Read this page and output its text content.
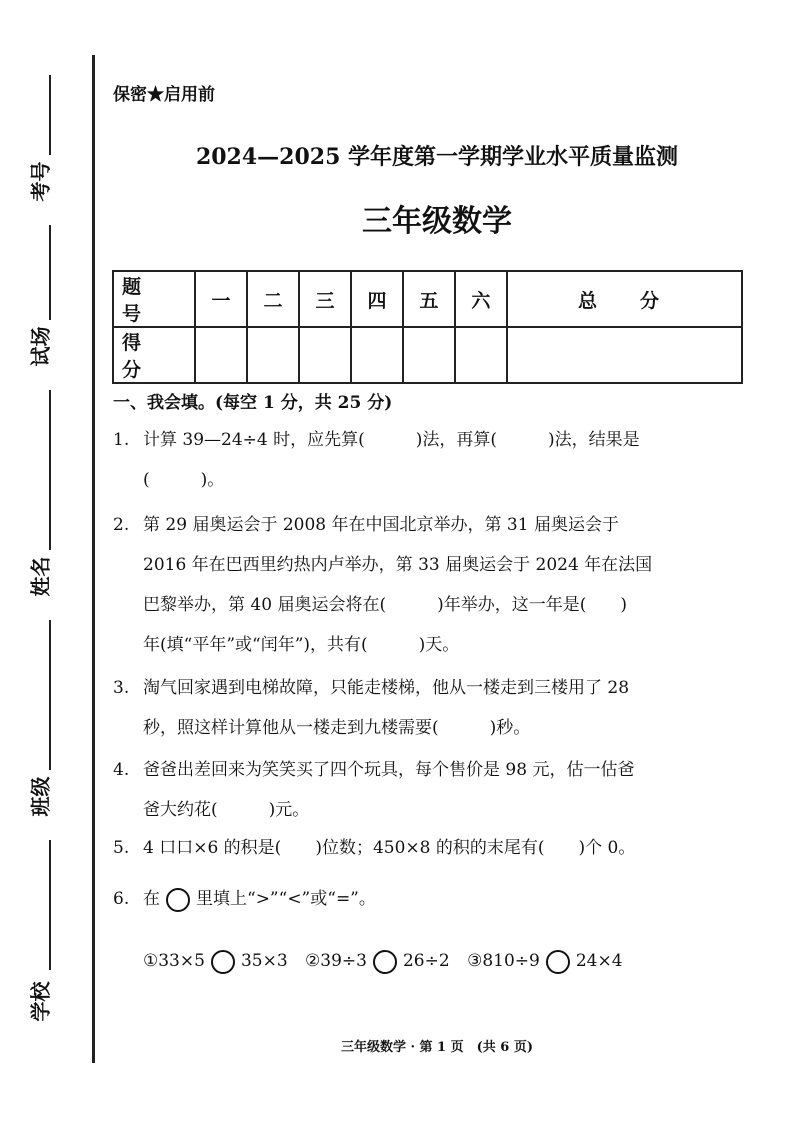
考号
试场
姓名
班级
学校
保密★启用前
2024—2025 学年度第一学期学业水平质量监测
三年级数学
题　号	一	二	三	四	五	六	总　分
得　分							
一、我会填。(每空 1 分，共 25 分)
1. 计算 39—24÷4 时，应先算(　　　)法，再算(　　　)法，结果是
(　　　)。
2. 第 29 届奥运会于 2008 年在中国北京举办，第 31 届奥运会于
2016 年在巴西里约热内卢举办，第 33 届奥运会于 2024 年在法国
巴黎举办，第 40 届奥运会将在(　　　)年举办，这一年是(　　)
年(填“平年”或“闰年”)，共有(　　　)天。
3. 淘气回家遇到电梯故障，只能走楼梯，他从一楼走到三楼用了 28
秒，照这样计算他从一楼走到九楼需要(　　　)秒。
4. 爸爸出差回来为笑笑买了四个玩具，每个售价是 98 元，估一估爸
爸大约花(　　　)元。
5. 4 口口×6 的积是(　　)位数；450×8 的积的末尾有(　　)个 0。
6. 在 里填上“>”“<”或“=”。
①33×5 35×3 ②39÷3 26÷2 ③810÷9 24×4
三年级数学 · 第 1 页　(共 6 页)
